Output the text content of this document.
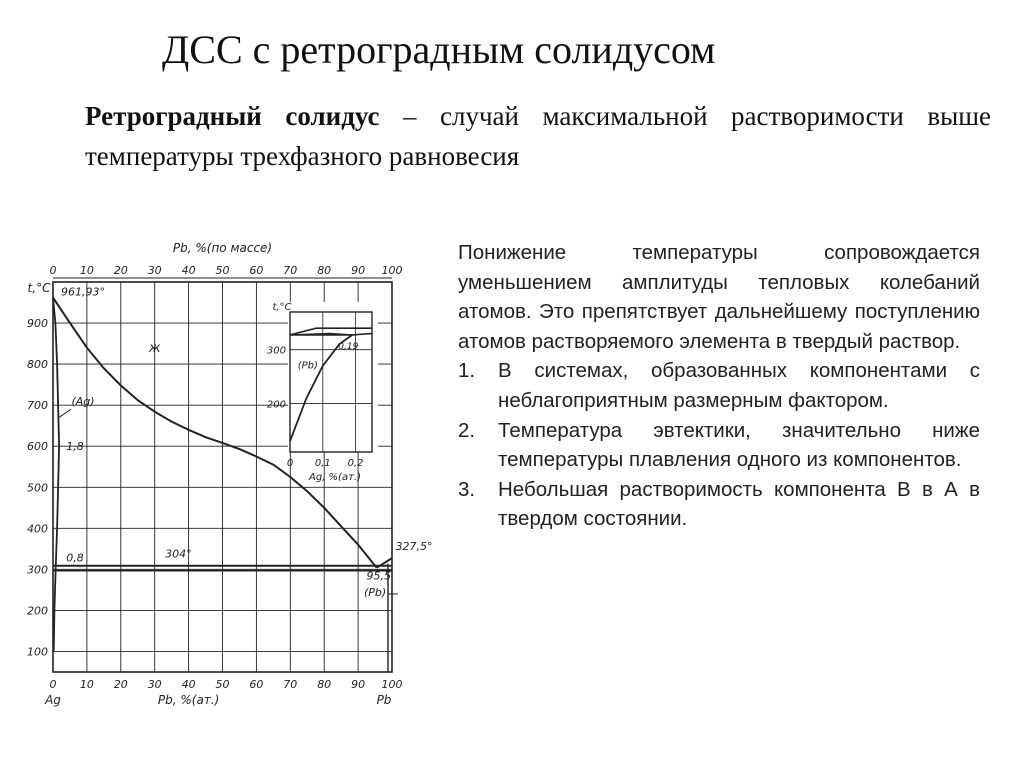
ДСС с ретроградным солидусом
Ретроградный солидус – случай максимальной растворимости выше температуры трехфазного равновесия
0 10 20 30 40 50 60 70 80 90 100
0 10 20 30 40 50 60 70 80 90 100
100
200
300
400
500
600
700
800
900
Pb, %(по массе)
Pb, %(ат.)
t,°C
Ag	Pb
961,93°
327,5°
304°
95,5
ж
(Ag)
(Pb)
1,8
0,8
0 0,1 0,2
200
300
Ag, %(ат.)
t,°C
(Pb)
0,19

Понижение температуры сопровождается уменьшением амплитуды тепловых колебаний атомов. Это препятствует дальнейшему поступлению атомов растворяемого элемента в твердый раствор.

1. В системах, образованных компонентами с неблагоприятным размерным фактором.
2. Температура эвтектики, значительно ниже температуры плавления одного из компонентов.
3. Небольшая растворимость компонента В в А в твердом состоянии.
